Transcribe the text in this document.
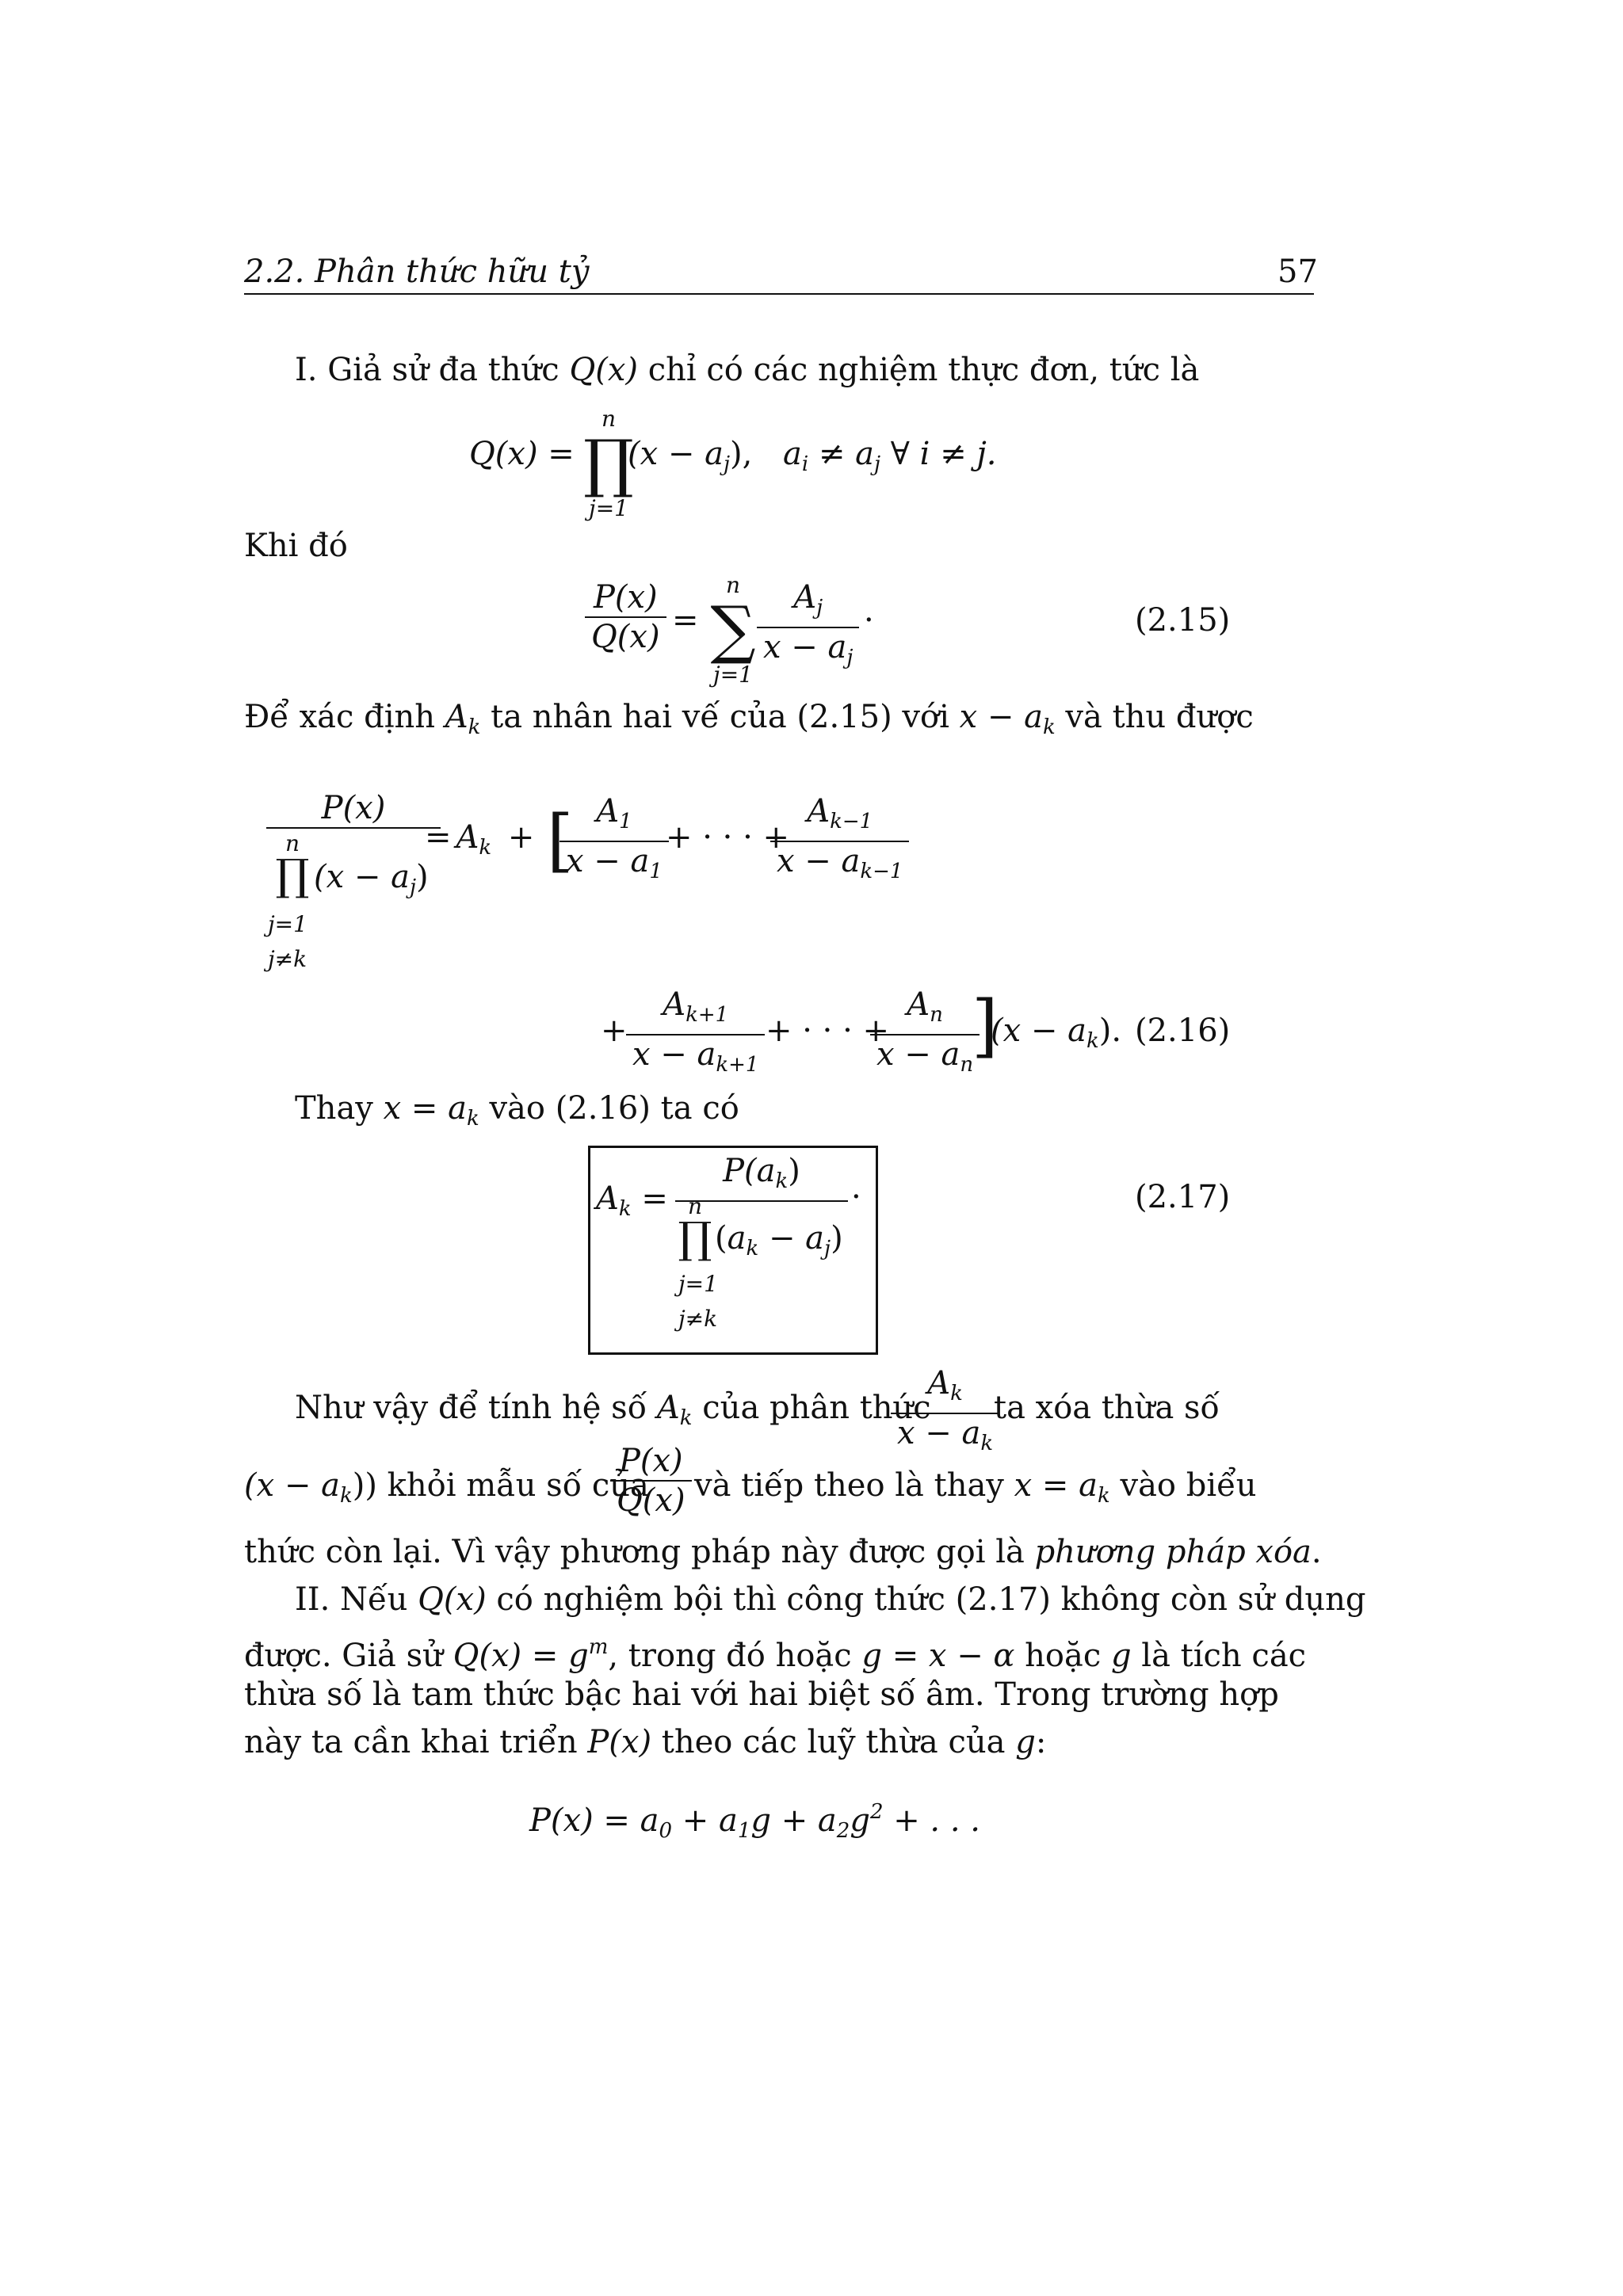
2.2. Phân thức hữu tỷ	57
I. Giả sử đa thức Q(x) chỉ có các nghiệm thực đơn, tức là
Q(x) =
n
∏
j=1
$(x - a_j)$, $a_i \ne a_j$ ∀ i ≠ j.
Khi đó
$\frac{P(x)}{Q(x)}$ =
n
∑
$j=1 \frac{A_j}{x - a_j}$ ·	(2.15)
Để xác định $A_k$ ta nhân hai vế của (2.15) với $x - a_k$ và thu được
P(x)
n
∏ $(x - a_j)$
j=1
j≠k
= $A_k$ + [
$\frac{A_1}{x - a_1}$
+ · · · +
$\frac{A_{k-1}}{x - a_{k-1}}$
+
$\frac{A_{k+1}}{x - a_{k+1}}$ + · · · +
$\frac{A_n}{x - a_n}$
]
$(x - a_k)$. (2.16)
Thay $x = a_k$ vào (2.16) ta có
$A_k$ =
$P(a_k)$
n
∏ $(a_k - a_j)$
j=1
j≠k
·	(2.17)
Như vậy để tính hệ số $A_k$ của phân thức
$\frac{A_k}{x - a_k}$
ta xóa thừa số
$(x - a_k)$) khỏi mẫu số của
$\frac{P(x)}{Q(x)}$ và tiếp theo là thay $x = a_k$ vào biểu
thức còn lại. Vì vậy phương pháp này được gọi là phương pháp xóa.
II. Nếu Q(x) có nghiệm bội thì công thức (2.17) không còn sử dụng
được. Giả sử $Q(x) = g^m$, trong đó hoặc g = x − α hoặc g là tích các
thừa số là tam thức bậc hai với hai biệt số âm. Trong trường hợp
này ta cần khai triển P(x) theo các luỹ thừa của g:
$P(x) = a_0 + a_1g + a_2g^2$ + . . .
